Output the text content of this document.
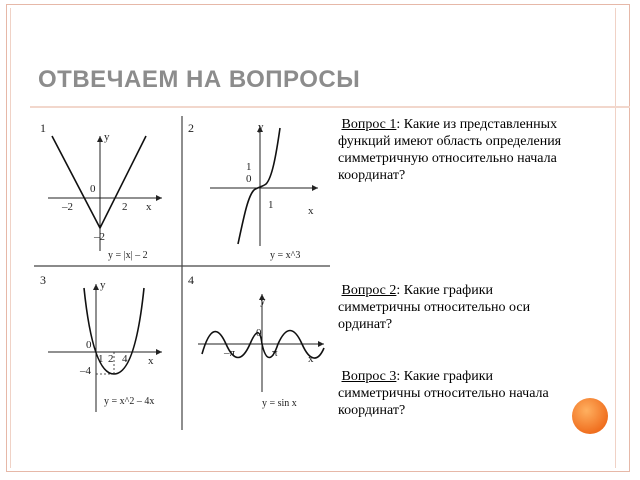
ОТВЕЧАЕМ НА ВОПРОСЫ
1
y
x
0
–2	2
–2
y = |x| – 2
2	y
x
1
0
1
y = x^3
3	y
x
0
1 2 4
–4
y = x^2 – 4x
4
y
x
0
–π	π
y = sin x
Вопрос 1: Какие из представленных функций имеют область определения симметричную относительно начала координат?
Вопрос 2: Какие графики симметричны относительно оси ординат?
Вопрос 3: Какие графики симметричны относительно начала координат?
